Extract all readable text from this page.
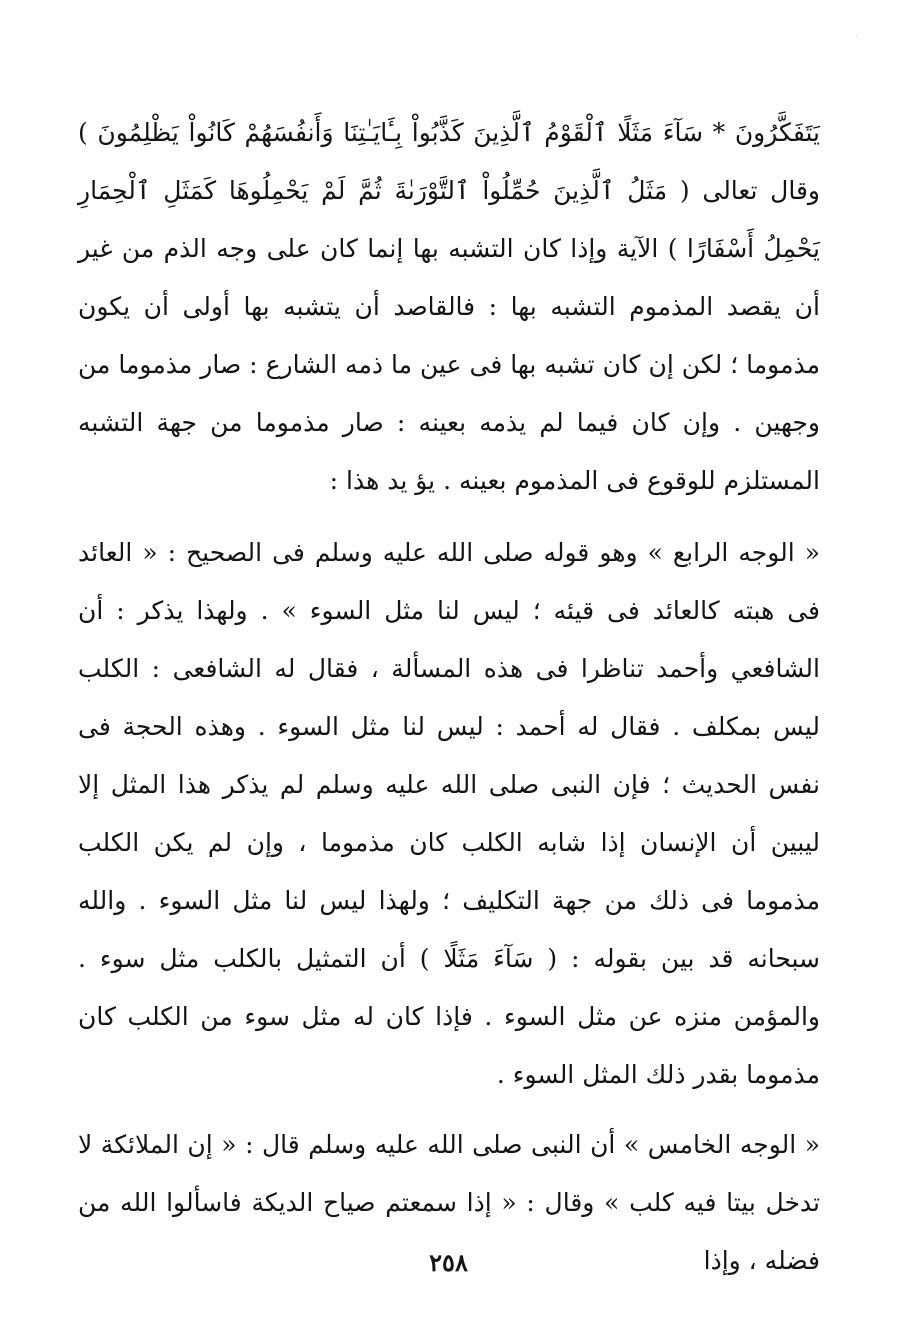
·

يَتَفَكَّرُونَ * سَآءَ مَثَلًا ٱلْقَوْمُ ٱلَّذِينَ كَذَّبُواْ بِـَٔايَـٰتِنَا وَأَنفُسَهُمْ كَانُواْ يَظْلِمُونَ ) وقال تعالى ( مَثَلُ ٱلَّذِينَ حُمِّلُواْ ٱلتَّوْرَىٰةَ ثُمَّ لَمْ يَحْمِلُوهَا كَمَثَلِ ٱلْحِمَارِ يَحْمِلُ أَسْفَارًا ) الآية وإذا كان التشبه بها إنما كان على وجه الذم من غير أن يقصد المذموم التشبه بها : فالقاصد أن يتشبه بها أولى أن يكون مذموما ؛ لكن إن كان تشبه بها فى عين ما ذمه الشارع : صار مذموما من وجهين . وإن كان فيما لم يذمه بعينه : صار مذموما من جهة التشبه المستلزم للوقوع فى المذموم بعينه . يؤ يد هذا :

« الوجه الرابع » وهو قوله صلى الله عليه وسلم فى الصحيح : « العائد فى هبته كالعائد فى قيئه ؛ ليس لنا مثل السوء » . ولهذا يذكر : أن الشافعي وأحمد تناظرا فى هذه المسألة ، فقال له الشافعى : الكلب ليس بمكلف . فقال له أحمد : ليس لنا مثل السوء . وهذه الحجة فى نفس الحديث ؛ فإن النبى صلى الله عليه وسلم لم يذكر هذا المثل إلا ليبين أن الإنسان إذا شابه الكلب كان مذموما ، وإن لم يكن الكلب مذموما فى ذلك من جهة التكليف ؛ ولهذا ليس لنا مثل السوء . والله سبحانه قد بين بقوله : ( سَآءَ مَثَلًا ) أن التمثيل بالكلب مثل سوء . والمؤمن منزه عن مثل السوء . فإذا كان له مثل سوء من الكلب كان مذموما بقدر ذلك المثل السوء .

« الوجه الخامس » أن النبى صلى الله عليه وسلم قال : « إن الملائكة لا تدخل بيتا فيه كلب » وقال : « إذا سمعتم صياح الديكة فاسألوا الله من فضله ، وإذا

٢٥٨
